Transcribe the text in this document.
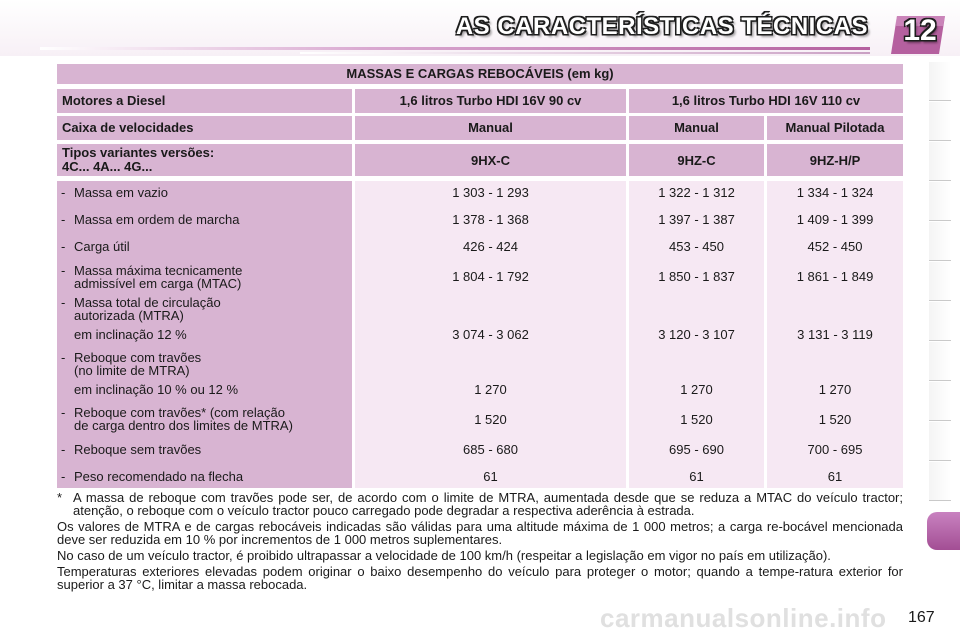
AS CARACTERÍSTICAS TÉCNICAS 12
MASSAS E CARGAS REBOCÁVEIS (em kg)
Motores a Diesel	1,6 litros Turbo HDI 16V 90 cv	1,6 litros Turbo HDI 16V 110 cv
Caixa de velocidades	Manual	Manual	Manual Pilotada
Tipos variantes versões:
4C... 4A... 4G...	9HX-C	9HZ-C	9HZ-H/P
- Massa em vazio	1 303 - 1 293	1 322 - 1 312	1 334 - 1 324
- Massa em ordem de marcha	1 378 - 1 368	1 397 - 1 387	1 409 - 1 399
- Carga útil	426 - 424	453 - 450	452 - 450
- Massa máxima tecnicamente
admissível em carga (MTAC)	1 804 - 1 792	1 850 - 1 837	1 861 - 1 849
- Massa total de circulação
autorizada (MTRA)
em inclinação 12 %	3 074 - 3 062	3 120 - 3 107	3 131 - 3 119
- Reboque com travões
(no limite de MTRA)
em inclinação 10 % ou 12 %	1 270	1 270	1 270
- Reboque com travões* (com relação
de carga dentro dos limites de MTRA)	1 520	1 520	1 520
- Reboque sem travões	685 - 680	695 - 690	700 - 695
- Peso recomendado na flecha	61	61	61

* A massa de reboque com travões pode ser, de acordo com o limite de MTRA, aumentada desde que se reduza a MTAC do veículo tractor; atenção, o reboque com o veículo tractor pouco carregado pode degradar a respectiva aderência à estrada.

Os valores de MTRA e de cargas rebocáveis indicadas são válidas para uma altitude máxima de 1 000 metros; a carga re-bocável mencionada deve ser reduzida em 10 % por incrementos de 1 000 metros suplementares.

No caso de um veículo tractor, é proibido ultrapassar a velocidade de 100 km/h (respeitar a legislação em vigor no país em utilização).

Temperaturas exteriores elevadas podem originar o baixo desempenho do veículo para proteger o motor; quando a tempe-ratura exterior for superior a 37 °C, limitar a massa rebocada.

carmanualsonline.info 167
